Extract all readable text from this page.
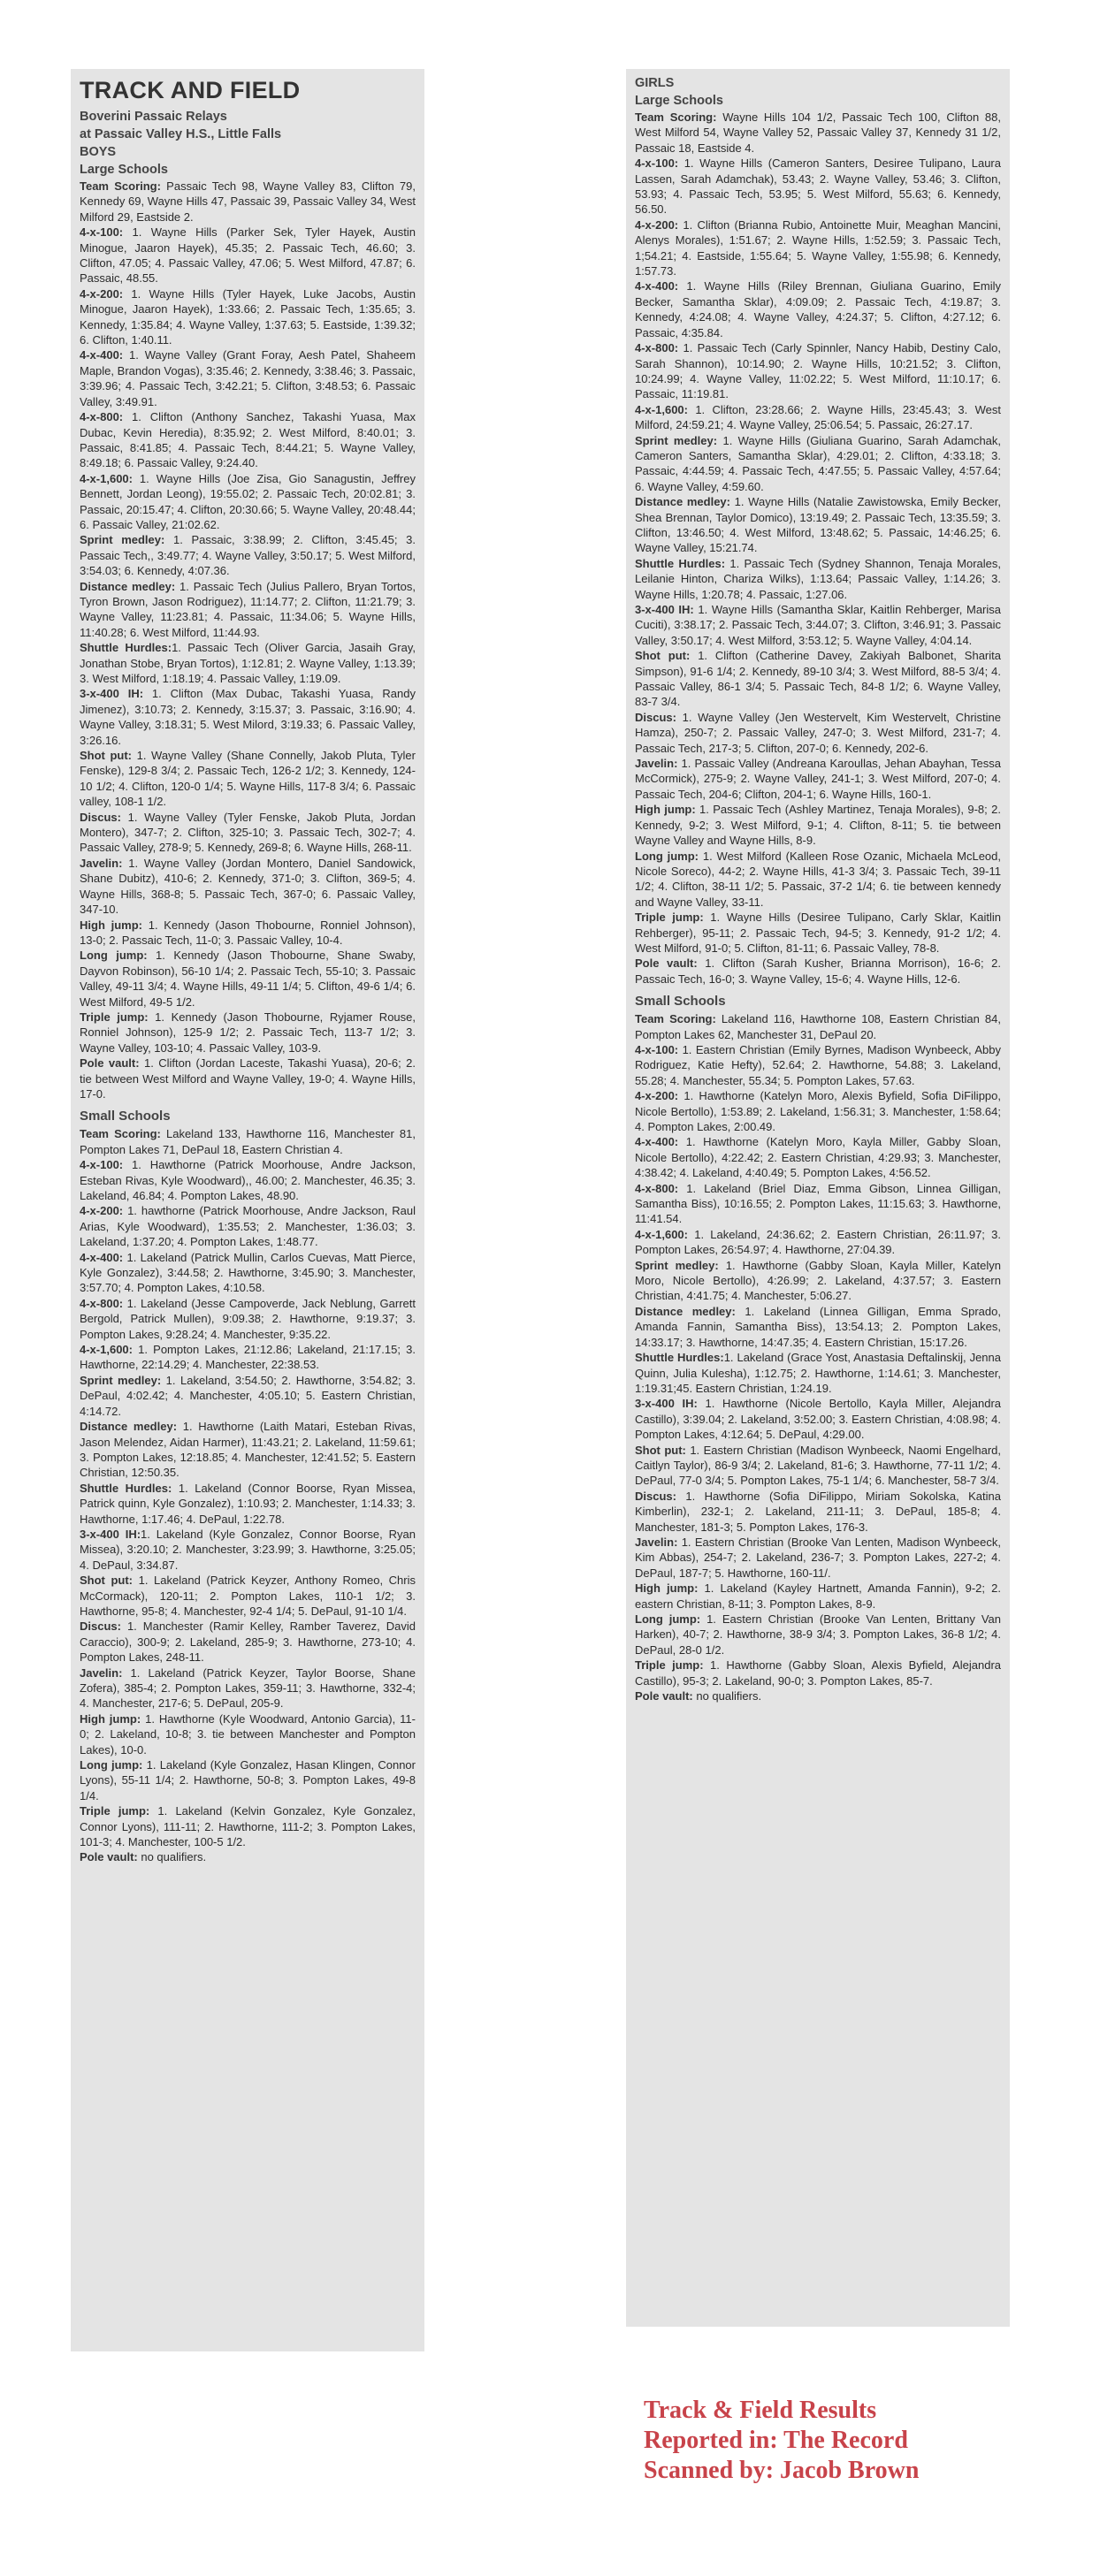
TRACK AND FIELD
Boverini Passaic Relays
at Passaic Valley H.S., Little Falls
BOYS
Large Schools

Team Scoring: Passaic Tech 98, Wayne Valley 83, Clifton 79, Kennedy 69, Wayne Hills 47, Passaic 39, Passaic Valley 34, West Milford 29, Eastside 2.

4-x-100: 1. Wayne Hills (Parker Sek, Tyler Hayek, Austin Minogue, Jaaron Hayek), 45.35; 2. Passaic Tech, 46.60; 3. Clifton, 47.05; 4. Passaic Valley, 47.06; 5. West Milford, 47.87; 6. Passaic, 48.55.

4-x-200: 1. Wayne Hills (Tyler Hayek, Luke Jacobs, Austin Minogue, Jaaron Hayek), 1:33.66; 2. Passaic Tech, 1:35.65; 3. Kennedy, 1:35.84; 4. Wayne Valley, 1:37.63; 5. Eastside, 1:39.32; 6. Clifton, 1:40.11.

4-x-400: 1. Wayne Valley (Grant Foray, Aesh Patel, Shaheem Maple, Brandon Vogas), 3:35.46; 2. Kennedy, 3:38.46; 3. Passaic, 3:39.96; 4. Passaic Tech, 3:42.21; 5. Clifton, 3:48.53; 6. Passaic Valley, 3:49.91.

4-x-800: 1. Clifton (Anthony Sanchez, Takashi Yuasa, Max Dubac, Kevin Heredia), 8:35.92; 2. West Milford, 8:40.01; 3. Passaic, 8:41.85; 4. Passaic Tech, 8:44.21; 5. Wayne Valley, 8:49.18; 6. Passaic Valley, 9:24.40.

4-x-1,600: 1. Wayne Hills (Joe Zisa, Gio Sanagustin, Jeffrey Bennett, Jordan Leong), 19:55.02; 2. Passaic Tech, 20:02.81; 3. Passaic, 20:15.47; 4. Clifton, 20:30.66; 5. Wayne Valley, 20:48.44; 6. Passaic Valley, 21:02.62.

Sprint medley: 1. Passaic, 3:38.99; 2. Clifton, 3:45.45; 3. Passaic Tech,, 3:49.77; 4. Wayne Valley, 3:50.17; 5. West Milford, 3:54.03; 6. Kennedy, 4:07.36.

Distance medley: 1. Passaic Tech (Julius Pallero, Bryan Tortos, Tyron Brown, Jason Rodriguez), 11:14.77; 2. Clifton, 11:21.79; 3. Wayne Valley, 11:23.81; 4. Passaic, 11:34.06; 5. Wayne Hills, 11:40.28; 6. West Milford, 11:44.93.

Shuttle Hurdles:1. Passaic Tech (Oliver Garcia, Jasaih Gray, Jonathan Stobe, Bryan Tortos), 1:12.81; 2. Wayne Valley, 1:13.39; 3. West Milford, 1:18.19; 4. Passaic Valley, 1:19.09.

3-x-400 IH: 1. Clifton (Max Dubac, Takashi Yuasa, Randy Jimenez), 3:10.73; 2. Kennedy, 3:15.37; 3. Passaic, 3:16.90; 4. Wayne Valley, 3:18.31; 5. West Milord, 3:19.33; 6. Passaic Valley, 3:26.16.

Shot put: 1. Wayne Valley (Shane Connelly, Jakob Pluta, Tyler Fenske), 129-8 3/4; 2. Passaic Tech, 126-2 1/2; 3. Kennedy, 124-10 1/2; 4. Clifton, 120-0 1/4; 5. Wayne Hills, 117-8 3/4; 6. Passaic valley, 108-1 1/2.

Discus: 1. Wayne Valley (Tyler Fenske, Jakob Pluta, Jordan Montero), 347-7; 2. Clifton, 325-10; 3. Passaic Tech, 302-7; 4. Passaic Valley, 278-9; 5. Kennedy, 269-8; 6. Wayne Hills, 268-11.

Javelin: 1. Wayne Valley (Jordan Montero, Daniel Sandowick, Shane Dubitz), 410-6; 2. Kennedy, 371-0; 3. Clifton, 369-5; 4. Wayne Hills, 368-8; 5. Passaic Tech, 367-0; 6. Passaic Valley, 347-10.

High jump: 1. Kennedy (Jason Thobourne, Ronniel Johnson), 13-0; 2. Passaic Tech, 11-0; 3. Passaic Valley, 10-4.

Long jump: 1. Kennedy (Jason Thobourne, Shane Swaby, Dayvon Robinson), 56-10 1/4; 2. Passaic Tech, 55-10; 3. Passaic Valley, 49-11 3/4; 4. Wayne Hills, 49-11 1/4; 5. Clifton, 49-6 1/4; 6. West Milford, 49-5 1/2.

Triple jump: 1. Kennedy (Jason Thobourne, Ryjamer Rouse, Ronniel Johnson), 125-9 1/2; 2. Passaic Tech, 113-7 1/2; 3. Wayne Valley, 103-10; 4. Passaic Valley, 103-9.

Pole vault: 1. Clifton (Jordan Laceste, Takashi Yuasa), 20-6; 2. tie between West Milford and Wayne Valley, 19-0; 4. Wayne Hills, 17-0.

Small Schools

Team Scoring: Lakeland 133, Hawthorne 116, Manchester 81, Pompton Lakes 71, DePaul 18, Eastern Christian 4.

4-x-100: 1. Hawthorne (Patrick Moorhouse, Andre Jackson, Esteban Rivas, Kyle Woodward),, 46.00; 2. Manchester, 46.35; 3. Lakeland, 46.84; 4. Pompton Lakes, 48.90.

4-x-200: 1. hawthorne (Patrick Moorhouse, Andre Jackson, Raul Arias, Kyle Woodward), 1:35.53; 2. Manchester, 1:36.03; 3. Lakeland, 1:37.20; 4. Pompton Lakes, 1:48.77.

4-x-400: 1. Lakeland (Patrick Mullin, Carlos Cuevas, Matt Pierce, Kyle Gonzalez), 3:44.58; 2. Hawthorne, 3:45.90; 3. Manchester, 3:57.70; 4. Pompton Lakes, 4:10.58.

4-x-800: 1. Lakeland (Jesse Campoverde, Jack Neblung, Garrett Bergold, Patrick Mullen), 9:09.38; 2. Hawthorne, 9:19.37; 3. Pompton Lakes, 9:28.24; 4. Manchester, 9:35.22.

4-x-1,600: 1. Pompton Lakes, 21:12.86; Lakeland, 21:17.15; 3. Hawthorne, 22:14.29; 4. Manchester, 22:38.53.

Sprint medley: 1. Lakeland, 3:54.50; 2. Hawthorne, 3:54.82; 3. DePaul, 4:02.42; 4. Manchester, 4:05.10; 5. Eastern Christian, 4:14.72.

Distance medley: 1. Hawthorne (Laith Matari, Esteban Rivas, Jason Melendez, Aidan Harmer), 11:43.21; 2. Lakeland, 11:59.61; 3. Pompton Lakes, 12:18.85; 4. Manchester, 12:41.52; 5. Eastern Christian, 12:50.35.

Shuttle Hurdles: 1. Lakeland (Connor Boorse, Ryan Missea, Patrick quinn, Kyle Gonzalez), 1:10.93; 2. Manchester, 1:14.33; 3. Hawthorne, 1:17.46; 4. DePaul, 1:22.78.

3-x-400 IH:1. Lakeland (Kyle Gonzalez, Connor Boorse, Ryan Missea), 3:20.10; 2. Manchester, 3:23.99; 3. Hawthorne, 3:25.05; 4. DePaul, 3:34.87.

Shot put: 1. Lakeland (Patrick Keyzer, Anthony Romeo, Chris McCormack), 120-11; 2. Pompton Lakes, 110-1 1/2; 3. Hawthorne, 95-8; 4. Manchester, 92-4 1/4; 5. DePaul, 91-10 1/4.

Discus: 1. Manchester (Ramir Kelley, Ramber Taverez, David Caraccio), 300-9; 2. Lakeland, 285-9; 3. Hawthorne, 273-10; 4. Pompton Lakes, 248-11.

Javelin: 1. Lakeland (Patrick Keyzer, Taylor Boorse, Shane Zofera), 385-4; 2. Pompton Lakes, 359-11; 3. Hawthorne, 332-4; 4. Manchester, 217-6; 5. DePaul, 205-9.

High jump: 1. Hawthorne (Kyle Woodward, Antonio Garcia), 11-0; 2. Lakeland, 10-8; 3. tie between Manchester and Pompton Lakes), 10-0.

Long jump: 1. Lakeland (Kyle Gonzalez, Hasan Klingen, Connor Lyons), 55-11 1/4; 2. Hawthorne, 50-8; 3. Pompton Lakes, 49-8 1/4.

Triple jump: 1. Lakeland (Kelvin Gonzalez, Kyle Gonzalez, Connor Lyons), 111-11; 2. Hawthorne, 111-2; 3. Pompton Lakes, 101-3; 4. Manchester, 100-5 1/2.

Pole vault: no qualifiers.

GIRLS
Large Schools

Team Scoring: Wayne Hills 104 1/2, Passaic Tech 100, Clifton 88, West Milford 54, Wayne Valley 52, Passaic Valley 37, Kennedy 31 1/2, Passaic 18, Eastside 4.

4-x-100: 1. Wayne Hills (Cameron Santers, Desiree Tulipano, Laura Lassen, Sarah Adamchak), 53.43; 2. Wayne Valley, 53.46; 3. Clifton, 53.93; 4. Passaic Tech, 53.95; 5. West Milford, 55.63; 6. Kennedy, 56.50.

4-x-200: 1. Clifton (Brianna Rubio, Antoinette Muir, Meaghan Mancini, Alenys Morales), 1:51.67; 2. Wayne Hills, 1:52.59; 3. Passaic Tech, 1;54.21; 4. Eastside, 1:55.64; 5. Wayne Valley, 1:55.98; 6. Kennedy, 1:57.73.

4-x-400: 1. Wayne Hills (Riley Brennan, Giuliana Guarino, Emily Becker, Samantha Sklar), 4:09.09; 2. Passaic Tech, 4:19.87; 3. Kennedy, 4:24.08; 4. Wayne Valley, 4:24.37; 5. Clifton, 4:27.12; 6. Passaic, 4:35.84.

4-x-800: 1. Passaic Tech (Carly Spinnler, Nancy Habib, Destiny Calo, Sarah Shannon), 10:14.90; 2. Wayne Hills, 10:21.52; 3. Clifton, 10:24.99; 4. Wayne Valley, 11:02.22; 5. West Milford, 11:10.17; 6. Passaic, 11:19.81.

4-x-1,600: 1. Clifton, 23:28.66; 2. Wayne Hills, 23:45.43; 3. West Milford, 24:59.21; 4. Wayne Valley, 25:06.54; 5. Passaic, 26:27.17.

Sprint medley: 1. Wayne Hills (Giuliana Guarino, Sarah Adamchak, Cameron Santers, Samantha Sklar), 4:29.01; 2. Clifton, 4:33.18; 3. Passaic, 4:44.59; 4. Passaic Tech, 4:47.55; 5. Passaic Valley, 4:57.64; 6. Wayne Valley, 4:59.60.

Distance medley: 1. Wayne Hills (Natalie Zawistowska, Emily Becker, Shea Brennan, Taylor Domico), 13:19.49; 2. Passaic Tech, 13:35.59; 3. Clifton, 13:46.50; 4. West Milford, 13:48.62; 5. Passaic, 14:46.25; 6. Wayne Valley, 15:21.74.

Shuttle Hurdles: 1. Passaic Tech (Sydney Shannon, Tenaja Morales, Leilanie Hinton, Chariza Wilks), 1:13.64; Passaic Valley, 1:14.26; 3. Wayne Hills, 1:20.78; 4. Passaic, 1:27.06.

3-x-400 IH: 1. Wayne Hills (Samantha Sklar, Kaitlin Rehberger, Marisa Cuciti), 3:38.17; 2. Passaic Tech, 3:44.07; 3. Clifton, 3:46.91; 3. Passaic Valley, 3:50.17; 4. West Milford, 3:53.12; 5. Wayne Valley, 4:04.14.

Shot put: 1. Clifton (Catherine Davey, Zakiyah Balbonet, Sharita Simpson), 91-6 1/4; 2. Kennedy, 89-10 3/4; 3. West Milford, 88-5 3/4; 4. Passaic Valley, 86-1 3/4; 5. Passaic Tech, 84-8 1/2; 6. Wayne Valley, 83-7 3/4.

Discus: 1. Wayne Valley (Jen Westervelt, Kim Westervelt, Christine Hamza), 250-7; 2. Passaic Valley, 247-0; 3. West Milford, 231-7; 4. Passaic Tech, 217-3; 5. Clifton, 207-0; 6. Kennedy, 202-6.

Javelin: 1. Passaic Valley (Andreana Karoullas, Jehan Abayhan, Tessa McCormick), 275-9; 2. Wayne Valley, 241-1; 3. West Milford, 207-0; 4. Passaic Tech, 204-6; Clifton, 204-1; 6. Wayne Hills, 160-1.

High jump: 1. Passaic Tech (Ashley Martinez, Tenaja Morales), 9-8; 2. Kennedy, 9-2; 3. West Milford, 9-1; 4. Clifton, 8-11; 5. tie between Wayne Valley and Wayne Hills, 8-9.

Long jump: 1. West Milford (Kalleen Rose Ozanic, Michaela McLeod, Nicole Soreco), 44-2; 2. Wayne Hills, 41-3 3/4; 3. Passaic Tech, 39-11 1/2; 4. Clifton, 38-11 1/2; 5. Passaic, 37-2 1/4; 6. tie between kennedy and Wayne Valley, 33-11.

Triple jump: 1. Wayne Hills (Desiree Tulipano, Carly Sklar, Kaitlin Rehberger), 95-11; 2. Passaic Tech, 94-5; 3. Kennedy, 91-2 1/2; 4. West Milford, 91-0; 5. Clifton, 81-11; 6. Passaic Valley, 78-8.

Pole vault: 1. Clifton (Sarah Kusher, Brianna Morrison), 16-6; 2. Passaic Tech, 16-0; 3. Wayne Valley, 15-6; 4. Wayne Hills, 12-6.

Small Schools

Team Scoring: Lakeland 116, Hawthorne 108, Eastern Christian 84, Pompton Lakes 62, Manchester 31, DePaul 20.

4-x-100: 1. Eastern Christian (Emily Byrnes, Madison Wynbeeck, Abby Rodriguez, Katie Hefty), 52.64; 2. Hawthorne, 54.88; 3. Lakeland, 55.28; 4. Manchester, 55.34; 5. Pompton Lakes, 57.63.

4-x-200: 1. Hawthorne (Katelyn Moro, Alexis Byfield, Sofia DiFilippo, Nicole Bertollo), 1:53.89; 2. Lakeland, 1:56.31; 3. Manchester, 1:58.64; 4. Pompton Lakes, 2:00.49.

4-x-400: 1. Hawthorne (Katelyn Moro, Kayla Miller, Gabby Sloan, Nicole Bertollo), 4:22.42; 2. Eastern Christian, 4:29.93; 3. Manchester, 4:38.42; 4. Lakeland, 4:40.49; 5. Pompton Lakes, 4:56.52.

4-x-800: 1. Lakeland (Briel Diaz, Emma Gibson, Linnea Gilligan, Samantha Biss), 10:16.55; 2. Pompton Lakes, 11:15.63; 3. Hawthorne, 11:41.54.

4-x-1,600: 1. Lakeland, 24:36.62; 2. Eastern Christian, 26:11.97; 3. Pompton Lakes, 26:54.97; 4. Hawthorne, 27:04.39.

Sprint medley: 1. Hawthorne (Gabby Sloan, Kayla Miller, Katelyn Moro, Nicole Bertollo), 4:26.99; 2. Lakeland, 4:37.57; 3. Eastern Christian, 4:41.75; 4. Manchester, 5:06.27.

Distance medley: 1. Lakeland (Linnea Gilligan, Emma Sprado, Amanda Fannin, Samantha Biss), 13:54.13; 2. Pompton Lakes, 14:33.17; 3. Hawthorne, 14:47.35; 4. Eastern Christian, 15:17.26.

Shuttle Hurdles:1. Lakeland (Grace Yost, Anastasia Deftalinskij, Jenna Quinn, Julia Kulesha), 1:12.75; 2. Hawthorne, 1:14.61; 3. Manchester, 1:19.31;45. Eastern Christian, 1:24.19.

3-x-400 IH: 1. Hawthorne (Nicole Bertollo, Kayla Miller, Alejandra Castillo), 3:39.04; 2. Lakeland, 3:52.00; 3. Eastern Christian, 4:08.98; 4. Pompton Lakes, 4:12.64; 5. DePaul, 4:29.00.

Shot put: 1. Eastern Christian (Madison Wynbeeck, Naomi Engelhard, Caitlyn Taylor), 86-9 3/4; 2. Lakeland, 81-6; 3. Hawthorne, 77-11 1/2; 4. DePaul, 77-0 3/4; 5. Pompton Lakes, 75-1 1/4; 6. Manchester, 58-7 3/4.

Discus: 1. Hawthorne (Sofia DiFilippo, Miriam Sokolska, Katina Kimberlin), 232-1; 2. Lakeland, 211-11; 3. DePaul, 185-8; 4. Manchester, 181-3; 5. Pompton Lakes, 176-3.

Javelin: 1. Eastern Christian (Brooke Van Lenten, Madison Wynbeeck, Kim Abbas), 254-7; 2. Lakeland, 236-7; 3. Pompton Lakes, 227-2; 4. DePaul, 187-7; 5. Hawthorne, 160-11/.

High jump: 1. Lakeland (Kayley Hartnett, Amanda Fannin), 9-2; 2. eastern Christian, 8-11; 3. Pompton Lakes, 8-9.

Long jump: 1. Eastern Christian (Brooke Van Lenten, Brittany Van Harken), 40-7; 2. Hawthorne, 38-9 3/4; 3. Pompton Lakes, 36-8 1/2; 4. DePaul, 28-0 1/2.

Triple jump: 1. Hawthorne (Gabby Sloan, Alexis Byfield, Alejandra Castillo), 95-3; 2. Lakeland, 90-0; 3. Pompton Lakes, 85-7.

Pole vault: no qualifiers.

Track & Field Results
Reported in: The Record
Scanned by: Jacob Brown
